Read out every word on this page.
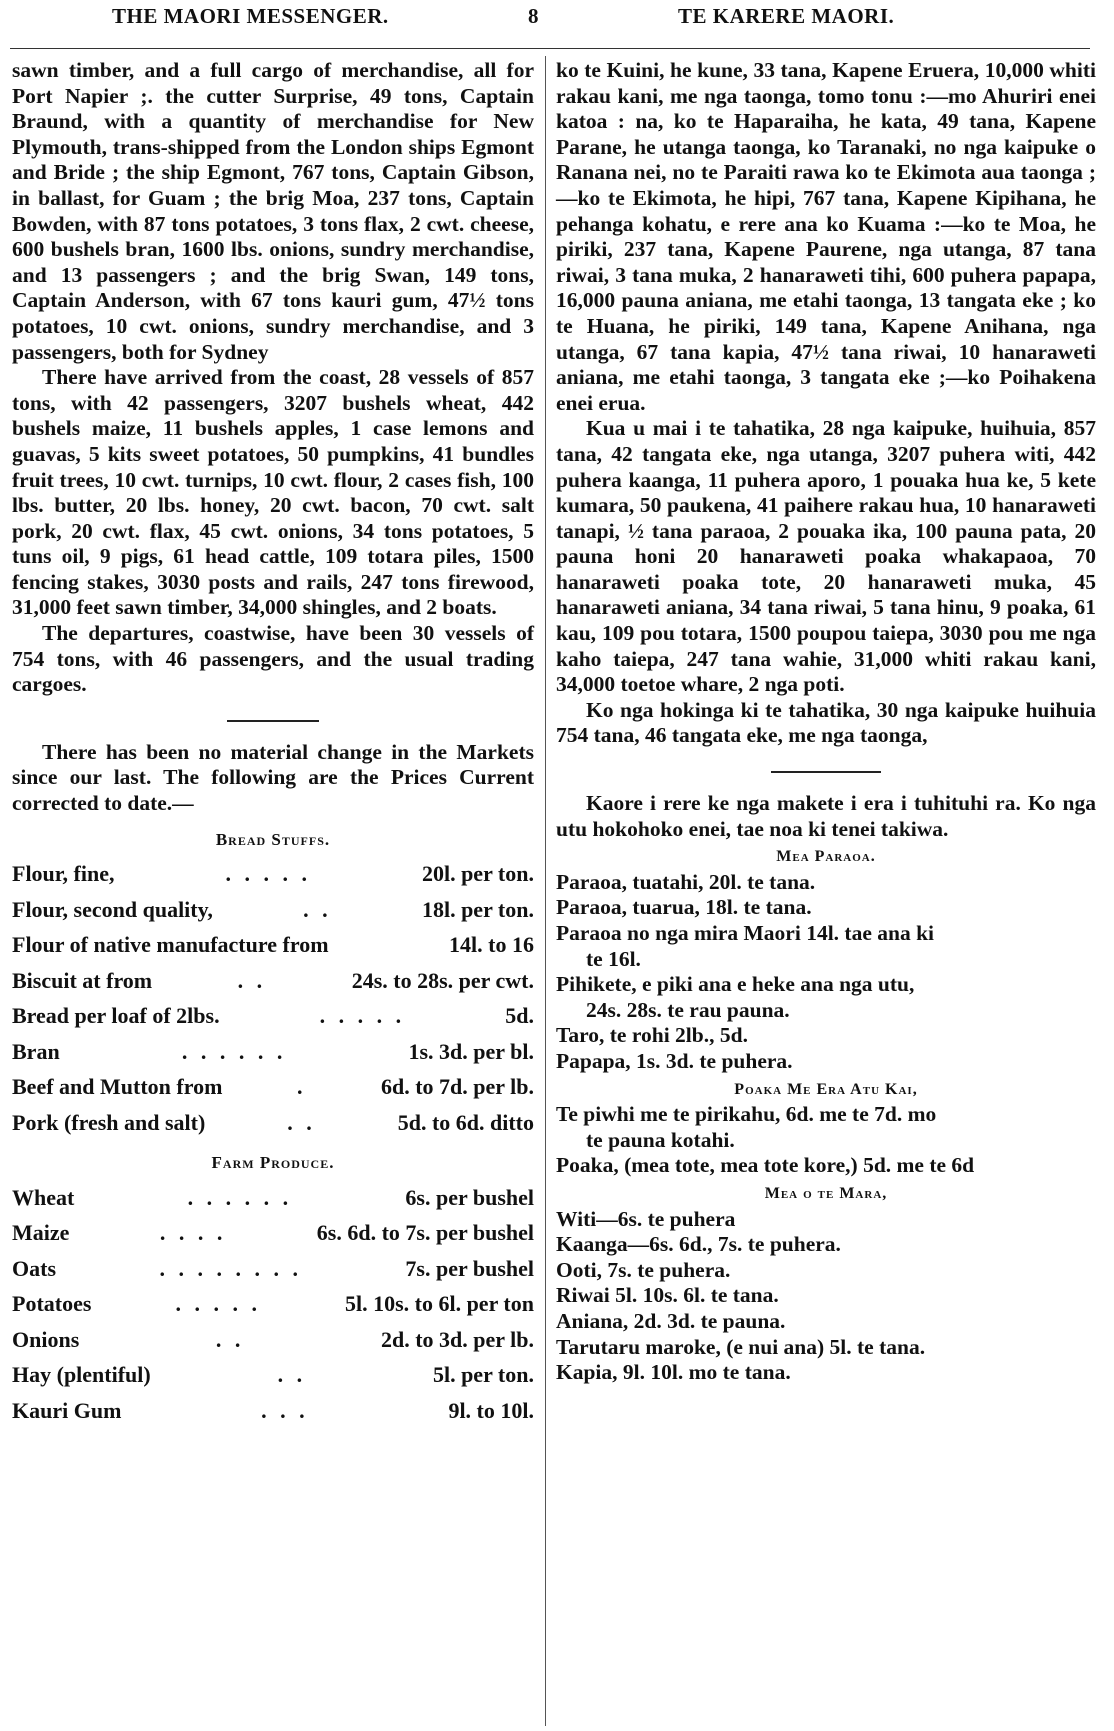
THE MAORI MESSENGER.	8	TE KARERE MAORI.

sawn timber, and a full cargo of merchandise, all for Port Napier ;. the cutter Surprise, 49 tons, Captain Braund, with a quantity of merchandise for New Plymouth, trans-shipped from the London ships Egmont and Bride ; the ship Egmont, 767 tons, Captain Gibson, in ballast, for Guam ; the brig Moa, 237 tons, Captain Bowden, with 87 tons potatoes, 3 tons flax, 2 cwt. cheese, 600 bushels bran, 1600 lbs. onions, sundry merchandise, and 13 passengers ; and the brig Swan, 149 tons, Captain Anderson, with 67 tons kauri gum, 47½ tons potatoes, 10 cwt. onions, sundry merchandise, and 3 passengers, both for Sydney

There have arrived from the coast, 28 vessels of 857 tons, with 42 passengers, 3207 bushels wheat, 442 bushels maize, 11 bushels apples, 1 case lemons and guavas, 5 kits sweet potatoes, 50 pumpkins, 41 bundles fruit trees, 10 cwt. turnips, 10 cwt. flour, 2 cases fish, 100 lbs. butter, 20 lbs. honey, 20 cwt. bacon, 70 cwt. salt pork, 20 cwt. flax, 45 cwt. onions, 34 tons potatoes, 5 tuns oil, 9 pigs, 61 head cattle, 109 totara piles, 1500 fencing stakes, 3030 posts and rails, 247 tons firewood, 31,000 feet sawn timber, 34,000 shingles, and 2 boats.

The departures, coastwise, have been 30 vessels of 754 tons, with 46 passengers, and the usual trading cargoes.

There has been no material change in the Markets since our last. The following are the Prices Current corrected to date.—

Bread Stuffs.
Flour, fine,	. . . . .	20l. per ton.
Flour, second quality,	. .	18l. per ton.
Flour of native manufacture from	14l. to 16
Biscuit at from	. .	24s. to 28s. per cwt.
Bread per loaf of 2lbs.	. . . . .	5d.
Bran	. . . . . .	1s. 3d. per bl.
Beef and Mutton from	.	6d. to 7d. per lb.
Pork (fresh and salt)	. .	5d. to 6d. ditto
Farm Produce.
Wheat	. . . . . .	6s. per bushel
Maize	. . . .	6s. 6d. to 7s. per bushel
Oats	. . . . . . . .	7s. per bushel
Potatoes	. . . . .	5l. 10s. to 6l. per ton
Onions	. .	2d. to 3d. per lb.
Hay (plentiful)	. .	5l. per ton.
Kauri Gum	. . .	9l. to 10l.

ko te Kuini, he kune, 33 tana, Kapene Eruera, 10,000 whiti rakau kani, me nga taonga, tomo tonu :—mo Ahuriri enei katoa : na, ko te Haparaiha, he kata, 49 tana, Kapene Parane, he utanga taonga, ko Taranaki, no nga kaipuke o Ranana nei, no te Paraiti rawa ko te Ekimota aua taonga ;—ko te Ekimota, he hipi, 767 tana, Kapene Kipihana, he pehanga kohatu, e rere ana ko Kuama :—ko te Moa, he piriki, 237 tana, Kapene Paurene, nga utanga, 87 tana riwai, 3 tana muka, 2 hanaraweti tihi, 600 puhera papapa, 16,000 pauna aniana, me etahi taonga, 13 tangata eke ; ko te Huana, he piriki, 149 tana, Kapene Anihana, nga utanga, 67 tana kapia, 47½ tana riwai, 10 hanaraweti aniana, me etahi taonga, 3 tangata eke ;—ko Poihakena enei erua.

Kua u mai i te tahatika, 28 nga kaipuke, huihuia, 857 tana, 42 tangata eke, nga utanga, 3207 puhera witi, 442 puhera kaanga, 11 puhera aporo, 1 pouaka hua ke, 5 kete kumara, 50 paukena, 41 paihere rakau hua, 10 hanaraweti tanapi, ½ tana paraoa, 2 pouaka ika, 100 pauna pata, 20 pauna honi 20 hanaraweti poaka whakapaoa, 70 hanaraweti poaka tote, 20 hanaraweti muka, 45 hanaraweti aniana, 34 tana riwai, 5 tana hinu, 9 poaka, 61 kau, 109 pou totara, 1500 poupou taiepa, 3030 pou me nga kaho taiepa, 247 tana wahie, 31,000 whiti rakau kani, 34,000 toetoe whare, 2 nga poti.

Ko nga hokinga ki te tahatika, 30 nga kaipuke huihuia 754 tana, 46 tangata eke, me nga taonga,

Kaore i rere ke nga makete i era i tuhituhi ra. Ko nga utu hokohoko enei, tae noa ki tenei takiwa.

Mea Paraoa.
Paraoa, tuatahi, 20l. te tana.
Paraoa, tuarua, 18l. te tana.
Paraoa no nga mira Maori 14l. tae ana ki
te 16l.
Pihikete, e piki ana e heke ana nga utu,
24s. 28s. te rau pauna.
Taro, te rohi 2lb., 5d.
Papapa, 1s. 3d. te puhera.
Poaka Me Era Atu Kai,
Te piwhi me te pirikahu, 6d. me te 7d. mo
te pauna kotahi.
Poaka, (mea tote, mea tote kore,) 5d. me te 6d
Mea o te Mara,
Witi—6s. te puhera
Kaanga—6s. 6d., 7s. te puhera.
Ooti, 7s. te puhera.
Riwai 5l. 10s. 6l. te tana.
Aniana, 2d. 3d. te pauna.
Tarutaru maroke, (e nui ana) 5l. te tana.
Kapia, 9l. 10l. mo te tana.
